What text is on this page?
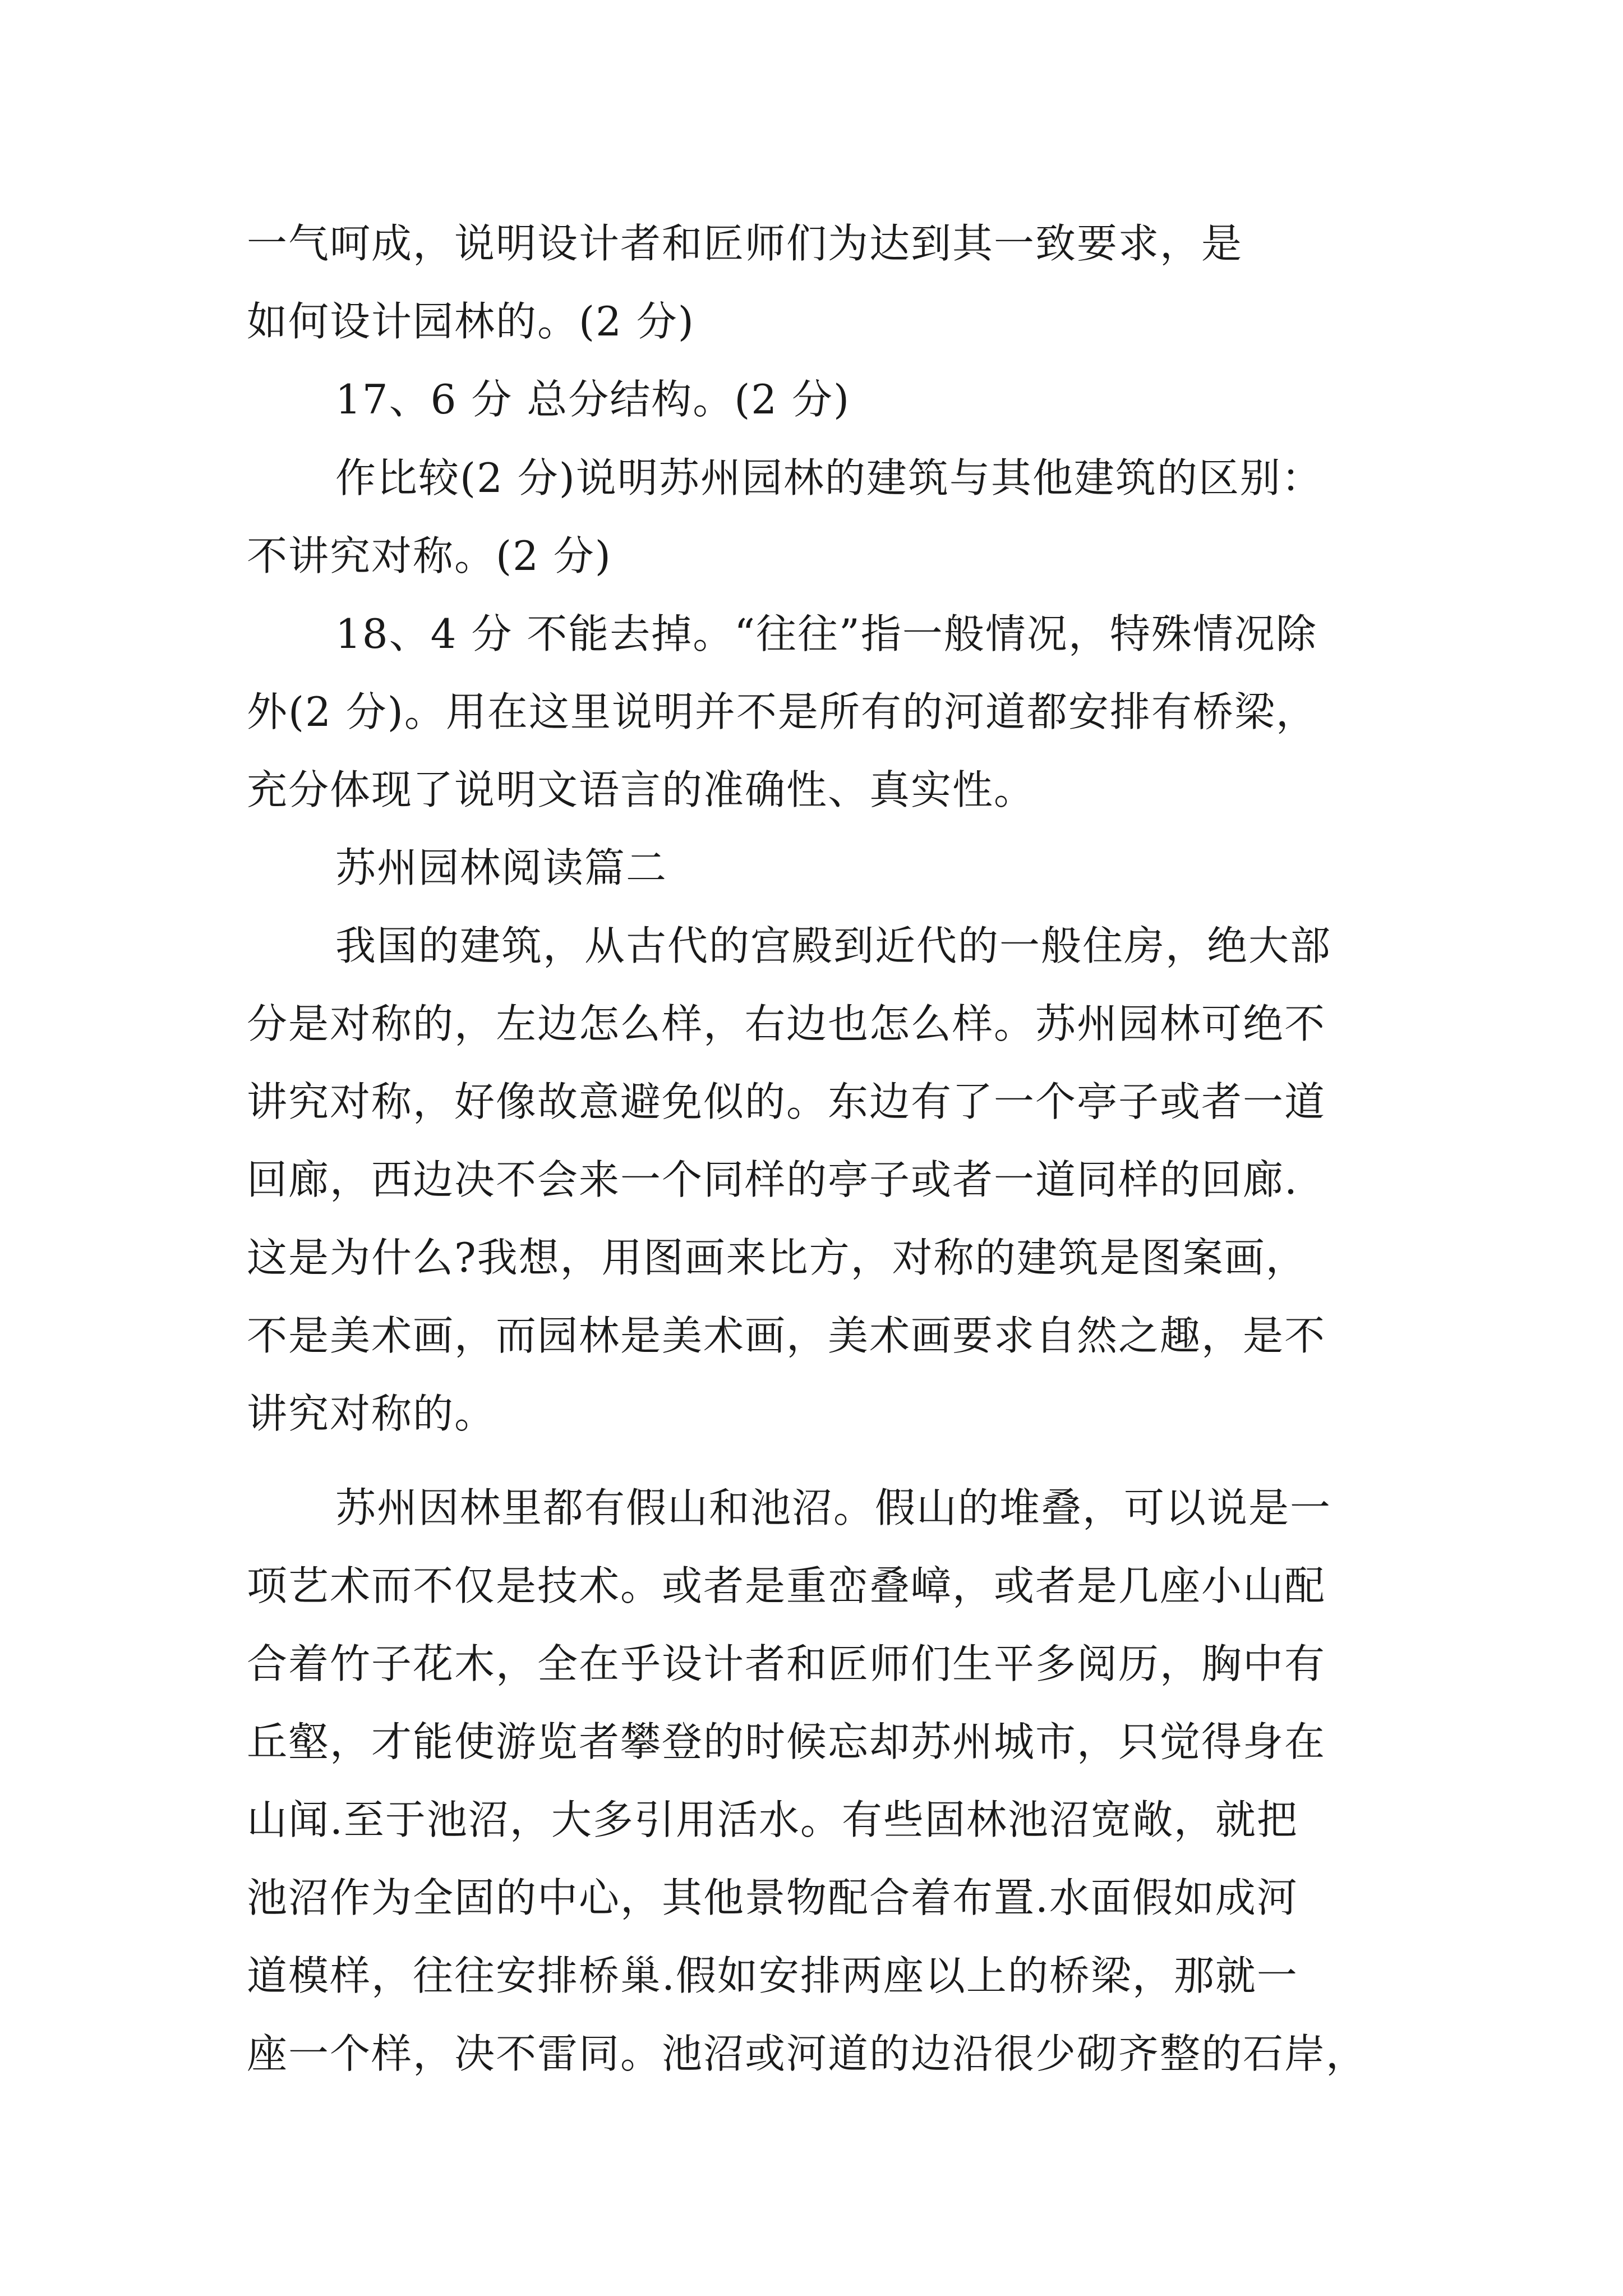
一气呵成，说明设计者和匠师们为达到其一致要求，是
如何设计园林的。(2 分)
17、6 分 总分结构。(2 分)
作比较(2 分)说明苏州园林的建筑与其他建筑的区别：
不讲究对称。(2 分)
18、4 分 不能去掉。“往往”指一般情况，特殊情况除
外(2 分)。用在这里说明并不是所有的河道都安排有桥梁，
充分体现了说明文语言的准确性、真实性。
苏州园林阅读篇二
我国的建筑，从古代的宫殿到近代的一般住房，绝大部
分是对称的，左边怎么样，右边也怎么样。苏州园林可绝不
讲究对称，好像故意避免似的。东边有了一个亭子或者一道
回廊，西边决不会来一个同样的亭子或者一道同样的回廊.
这是为什么?我想，用图画来比方，对称的建筑是图案画，
不是美术画，而园林是美术画，美术画要求自然之趣，是不
讲究对称的。
苏州因林里都有假山和池沼。假山的堆叠，可以说是一
项艺术而不仅是技术。或者是重峦叠嶂，或者是几座小山配
合着竹子花木，全在乎设计者和匠师们生平多阅历，胸中有
丘壑，才能使游览者攀登的时候忘却苏州城市，只觉得身在
山闻.至于池沼，大多引用活水。有些固林池沼宽敞，就把
池沼作为全固的中心，其他景物配合着布置.水面假如成河
道模样，往往安排桥巢.假如安排两座以上的桥梁，那就一
座一个样，决不雷同。池沼或河道的边沿很少砌齐整的石岸，
